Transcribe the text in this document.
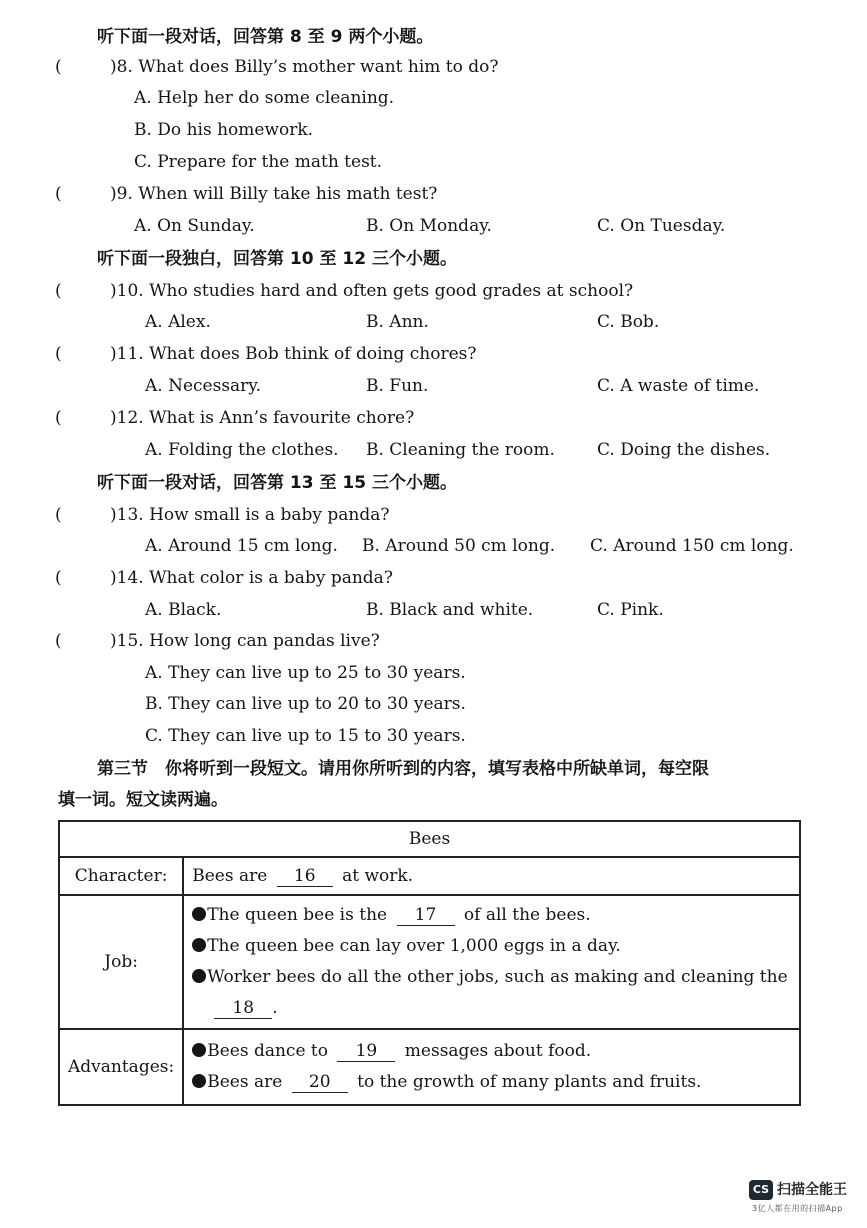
听下面一段对话，回答第 8 至 9 两个小题。
(	)8. What does Billy’s mother want him to do?
A. Help her do some cleaning.
B. Do his homework.
C. Prepare for the math test.
(	)9. When will Billy take his math test?
A. On Sunday.	B. On Monday.	C. On Tuesday.
听下面一段独白，回答第 10 至 12 三个小题。
(	)10. Who studies hard and often gets good grades at school?
A. Alex.	B. Ann.	C. Bob.
(	)11. What does Bob think of doing chores?
A. Necessary.	B. Fun.	C. A waste of time.
(	)12. What is Ann’s favourite chore?
A. Folding the clothes. B. Cleaning the room. C. Doing the dishes.
听下面一段对话，回答第 13 至 15 三个小题。
(	)13. How small is a baby panda?
A. Around 15 cm long. B. Around 50 cm long. C. Around 150 cm long.
(	)14. What color is a baby panda?
A. Black.	B. Black and white.	C. Pink.
(	)15. How long can pandas live?
A. They can live up to 25 to 30 years.
B. They can live up to 20 to 30 years.
C. They can live up to 15 to 30 years.
第三节　你将听到一段短文。请用你所听到的内容，填写表格中所缺单词，每空限
填一词。短文读两遍。
Bees	
Character:	Bees are 16 at work.
Job:	The queen bee is the 17 of all the bees.
The queen bee can lay over 1,000 eggs in a day.
Worker bees do all the other jobs, such as making and cleaning the
18 .

Advantages:	Bees dance to 19 messages about food.
Bees are 20 to the growth of many plants and fruits.
CS 扫描全能王
3亿人都在用的扫描App
